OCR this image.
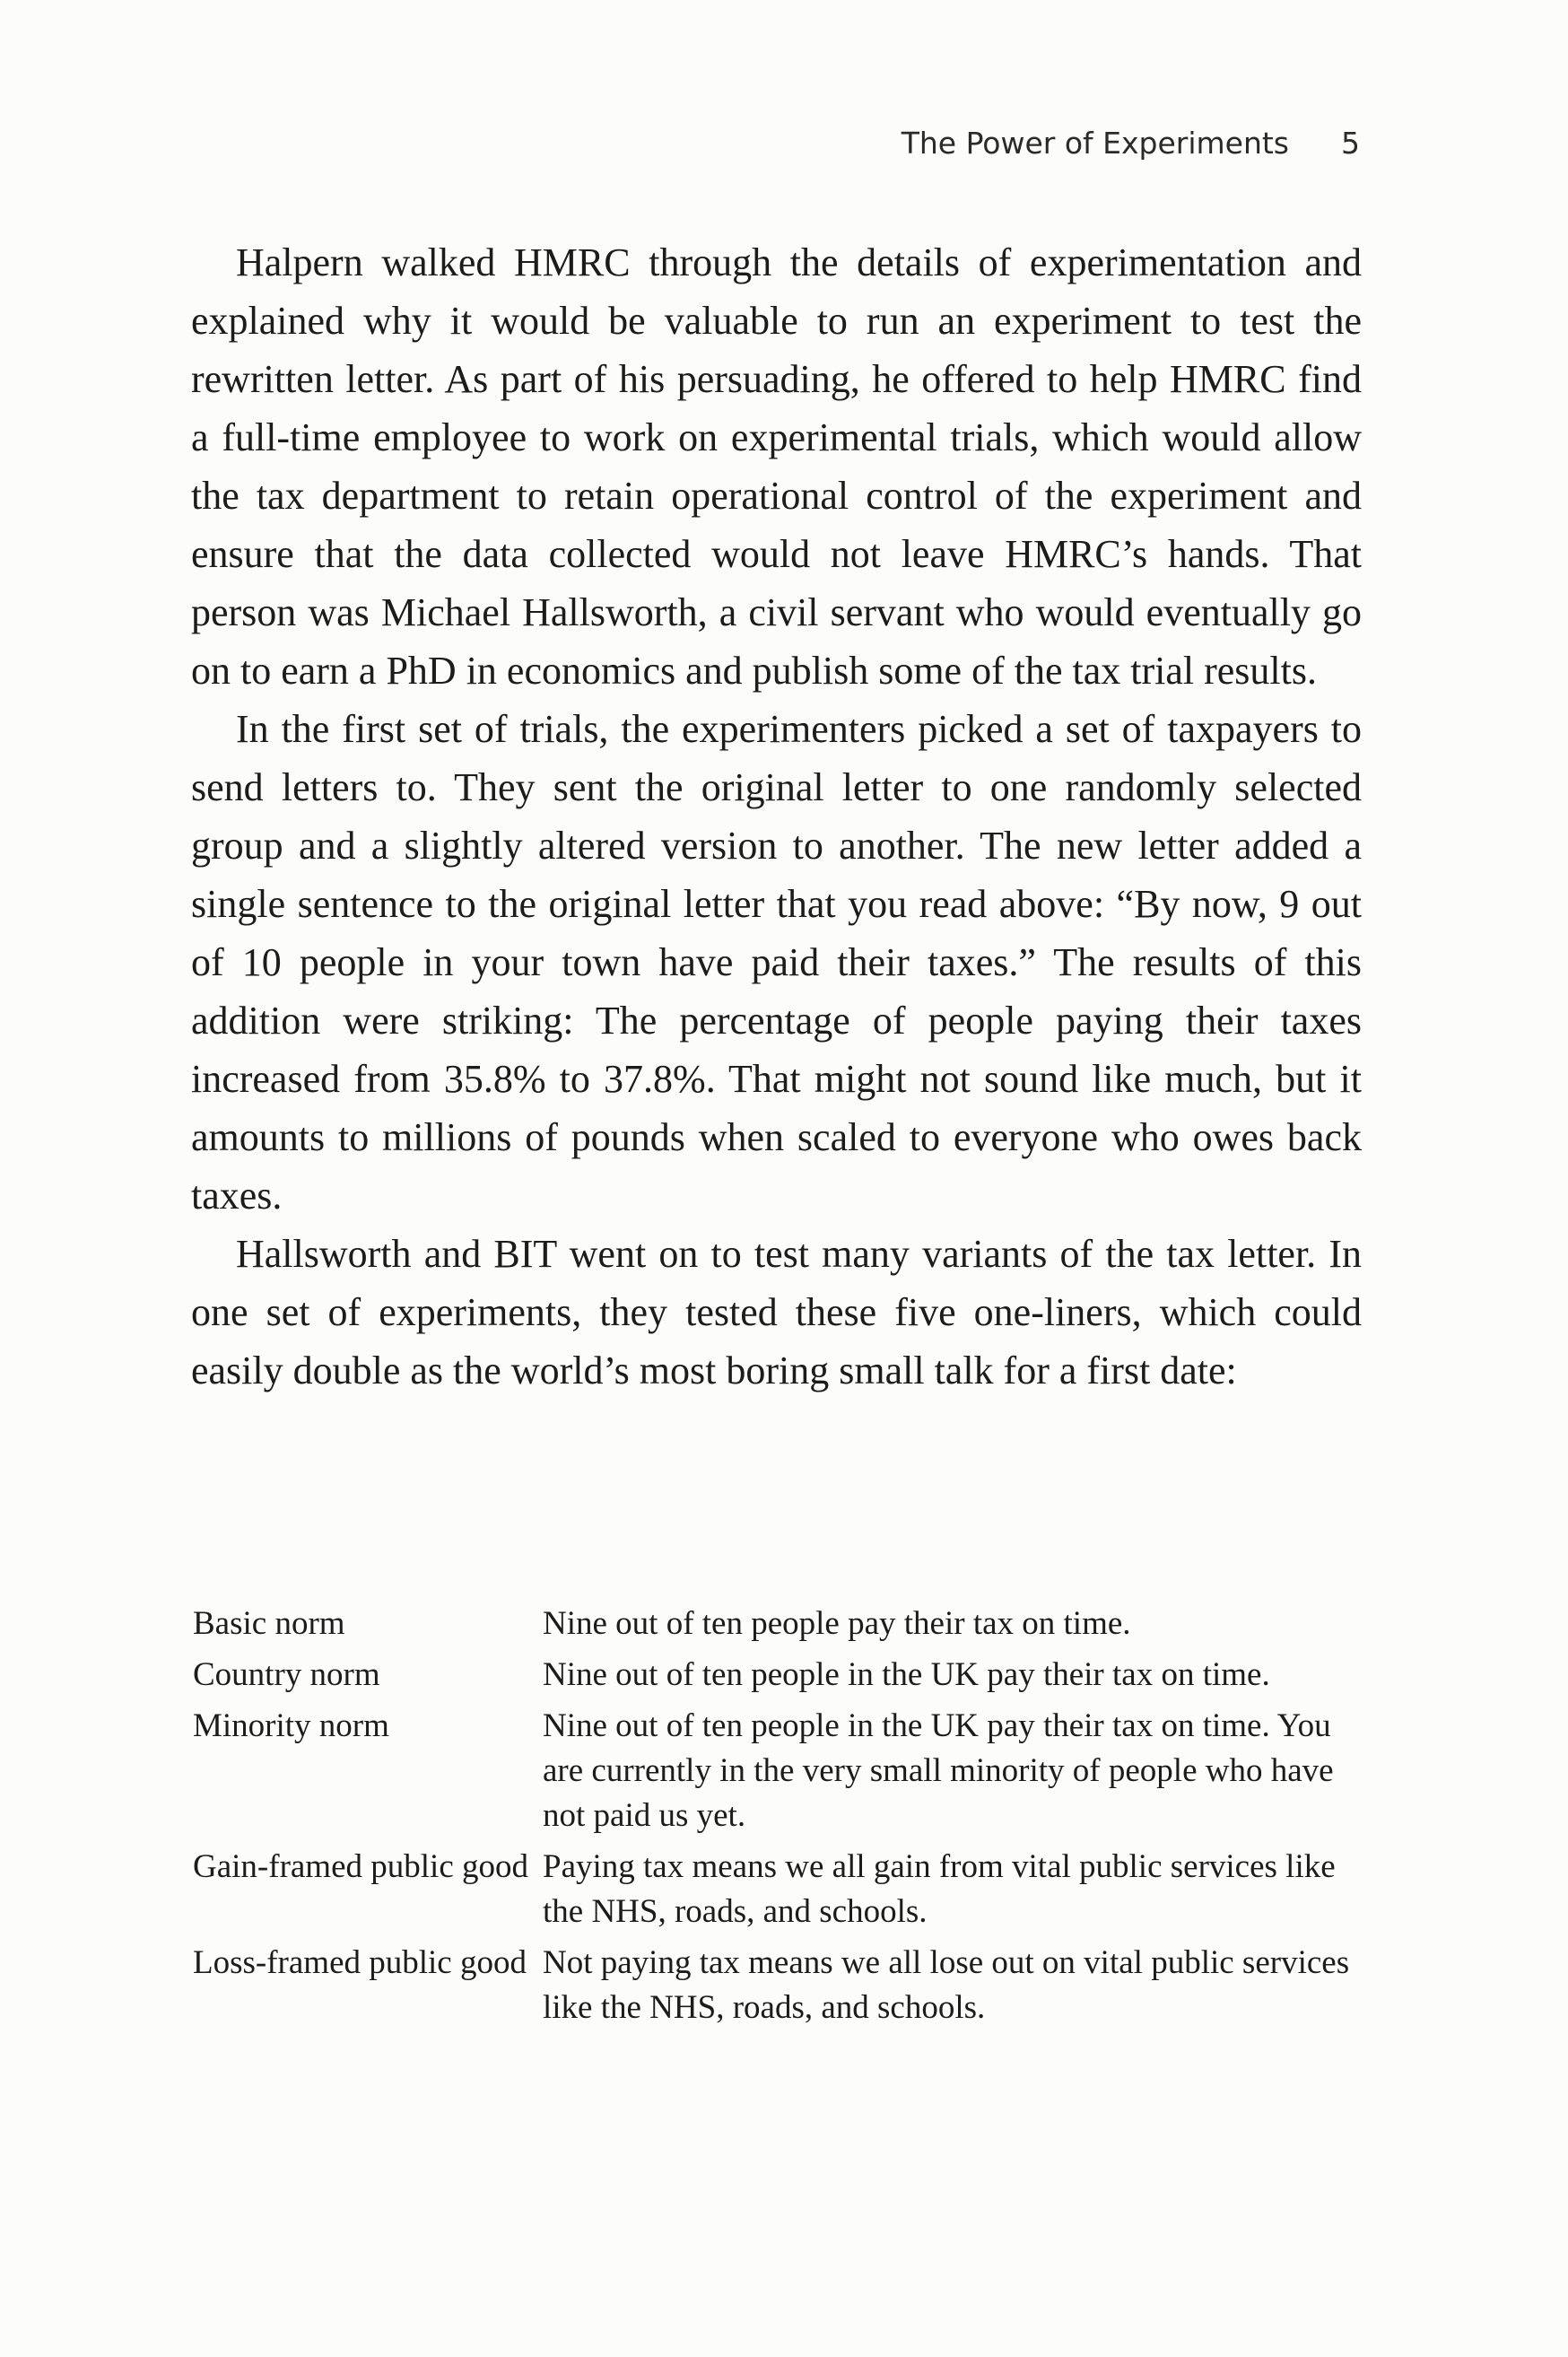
The Power of Experiments 5

Halpern walked HMRC through the details of experimentation and explained why it would be valuable to run an experiment to test the rewritten letter. As part of his persuading, he offered to help HMRC find a full-time employee to work on experimental trials, which would allow the tax department to retain operational control of the experiment and ensure that the data collected would not leave HMRC’s hands. That person was Michael Hallsworth, a civil servant who would eventually go on to earn a PhD in economics and publish some of the tax trial results.

In the first set of trials, the experimenters picked a set of taxpayers to send letters to. They sent the original letter to one randomly selected group and a slightly altered version to another. The new letter added a single sentence to the original letter that you read above: “By now, 9 out of 10 people in your town have paid their taxes.” The results of this addition were striking: The percentage of people paying their taxes increased from 35.8% to 37.8%. That might not sound like much, but it amounts to millions of pounds when scaled to everyone who owes back taxes.

Hallsworth and BIT went on to test many variants of the tax letter. In one set of experiments, they tested these five one-liners, which could easily double as the world’s most boring small talk for a first date:

Basic norm	Nine out of ten people pay their tax on time.
Country norm	Nine out of ten people in the UK pay their tax on time.
Minority norm	Nine out of ten people in the UK pay their tax on time. You are currently in the very small minority of people who have not paid us yet.
Gain-framed public good	Paying tax means we all gain from vital public services like the NHS, roads, and schools.
Loss-framed public good	Not paying tax means we all lose out on vital public services like the NHS, roads, and schools.
